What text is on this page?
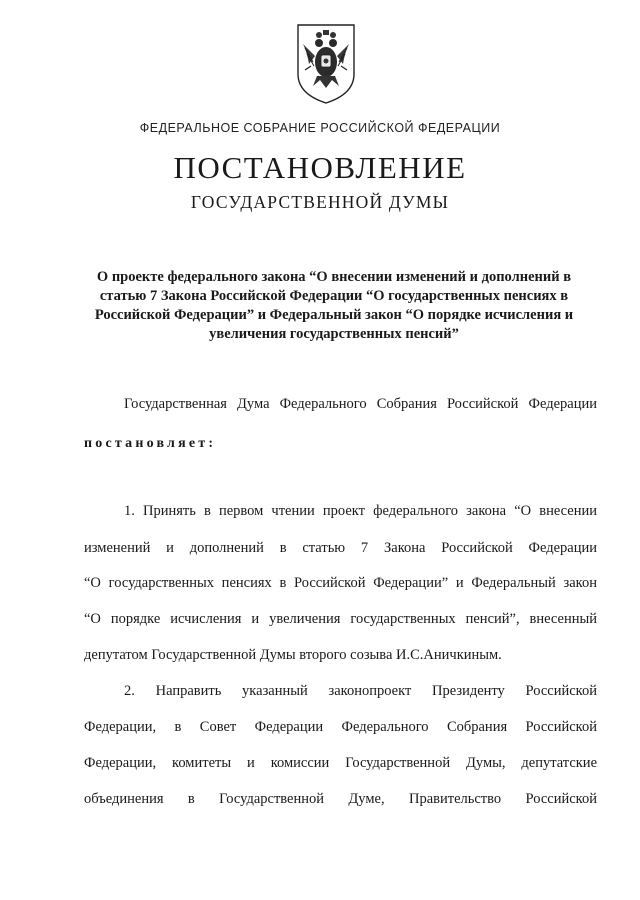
ФЕДЕРАЛЬНОЕ СОБРАНИЕ РОССИЙСКОЙ ФЕДЕРАЦИИ
ПОСТАНОВЛЕНИЕ
ГОСУДАРСТВЕННОЙ ДУМЫ
О проекте федерального закона “О внесении изменений и дополнений в
статью 7 Закона Российской Федерации “О государственных пенсиях в
Российской Федерации” и Федеральный закон “О порядке исчисления и
увеличения государственных пенсий”
Государственная Дума Федерального Собрания Российской Федерации
постановляет:
1. Принять в первом чтении проект федерального закона “О внесении
изменений и дополнений в статью 7 Закона Российской Федерации
“О государственных пенсиях в Российской Федерации” и Федеральный закон
“О порядке исчисления и увеличения государственных пенсий”, внесенный
депутатом Государственной Думы второго созыва И.С.Аничкиным.
2. Направить указанный законопроект Президенту Российской
Федерации, в Совет Федерации Федерального Собрания Российской
Федерации, комитеты и комиссии Государственной Думы, депутатские
объединения в Государственной Думе, Правительство Российской
